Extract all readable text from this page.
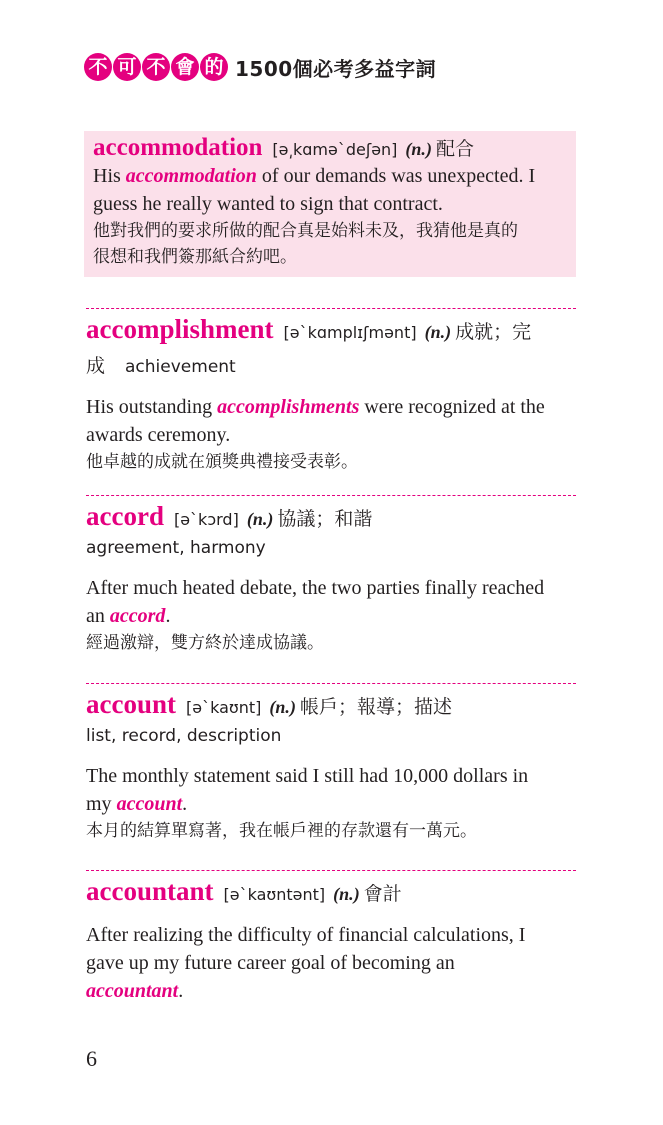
不 可 不 會 的 1500個必考多益字詞
accommodation [ə͵kɑmə`deʃən] (n.) 配合
His accommodation of our demands was unexpected. I
guess he really wanted to sign that contract.
他對我們的要求所做的配合真是始料未及，我猜他是真的
很想和我們簽那紙合約吧。
accomplishment [ə`kɑmplɪʃmənt] (n.) 成就；完
成 achievement
His outstanding accomplishments were recognized at the
awards ceremony.
他卓越的成就在頒獎典禮接受表彰。
accord [ə`kɔrd] (n.) 協議；和諧
agreement, harmony
After much heated debate, the two parties finally reached
an accord.
經過激辯，雙方終於達成協議。
account [ə`kaʊnt] (n.) 帳戶；報導；描述
list, record, description
The monthly statement said I still had 10,000 dollars in
my account.
本月的結算單寫著，我在帳戶裡的存款還有一萬元。
accountant [ə`kaʊntənt] (n.) 會計
After realizing the difficulty of financial calculations, I
gave up my future career goal of becoming an
accountant.
6
